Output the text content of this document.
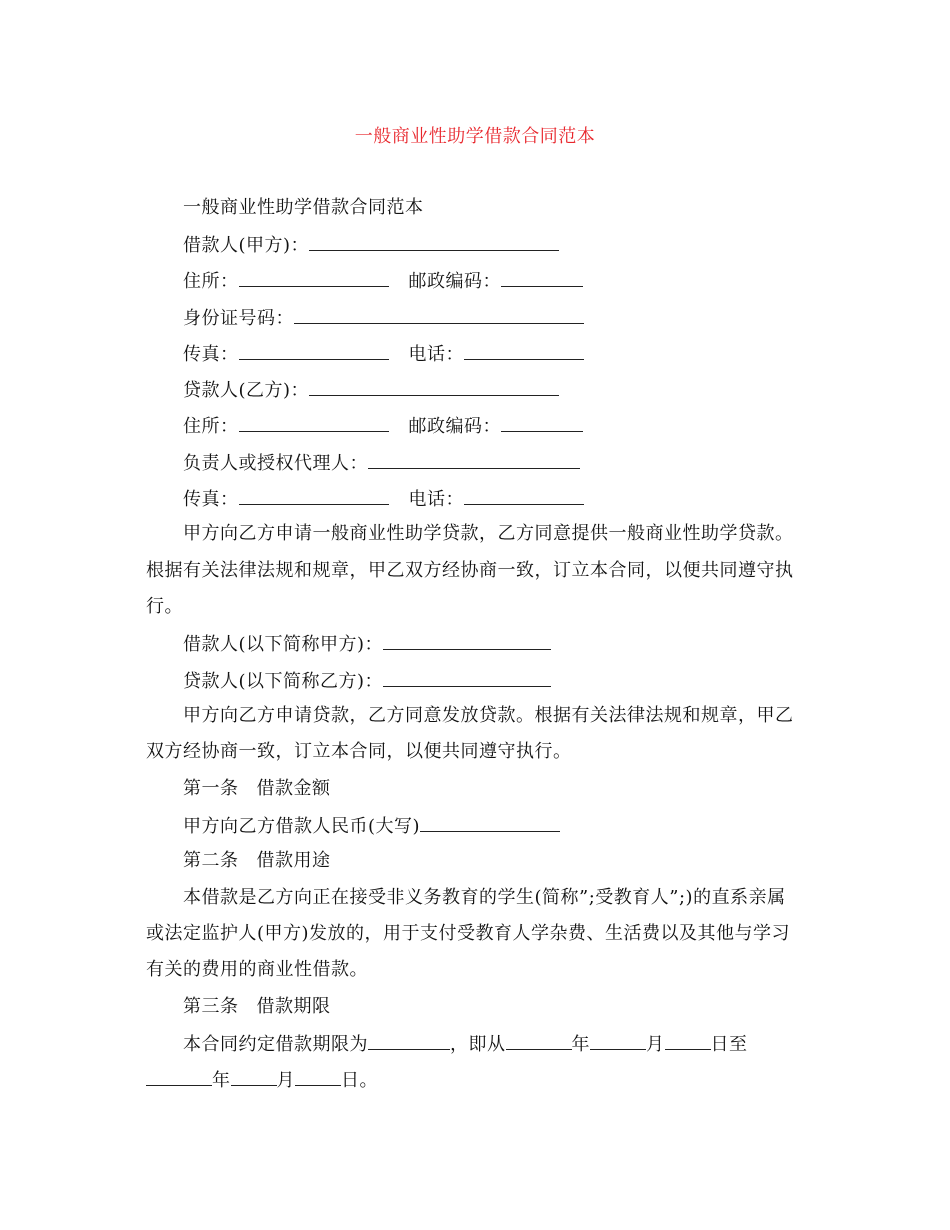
一般商业性助学借款合同范本
一般商业性助学借款合同范本
借款人(甲方)：
住所：	邮政编码：
身份证号码：
传真：	电话：
贷款人(乙方)：
住所：	邮政编码：
负责人或授权代理人：
传真：	电话：
甲方向乙方申请一般商业性助学贷款，乙方同意提供一般商业性助学贷款。
根据有关法律法规和规章，甲乙双方经协商一致，订立本合同，以便共同遵守执
行。
借款人(以下简称甲方)：
贷款人(以下简称乙方)：
甲方向乙方申请贷款，乙方同意发放贷款。根据有关法律法规和规章，甲乙
双方经协商一致，订立本合同，以便共同遵守执行。
第一条 借款金额
甲方向乙方借款人民币(大写)
第二条 借款用途
本借款是乙方向正在接受非义务教育的学生(简称”;受教育人”;)的直系亲属
或法定监护人(甲方)发放的，用于支付受教育人学杂费、生活费以及其他与学习
有关的费用的商业性借款。
第三条 借款期限
本合同约定借款期限为	，即从	年	月	日至
年	月	日。
